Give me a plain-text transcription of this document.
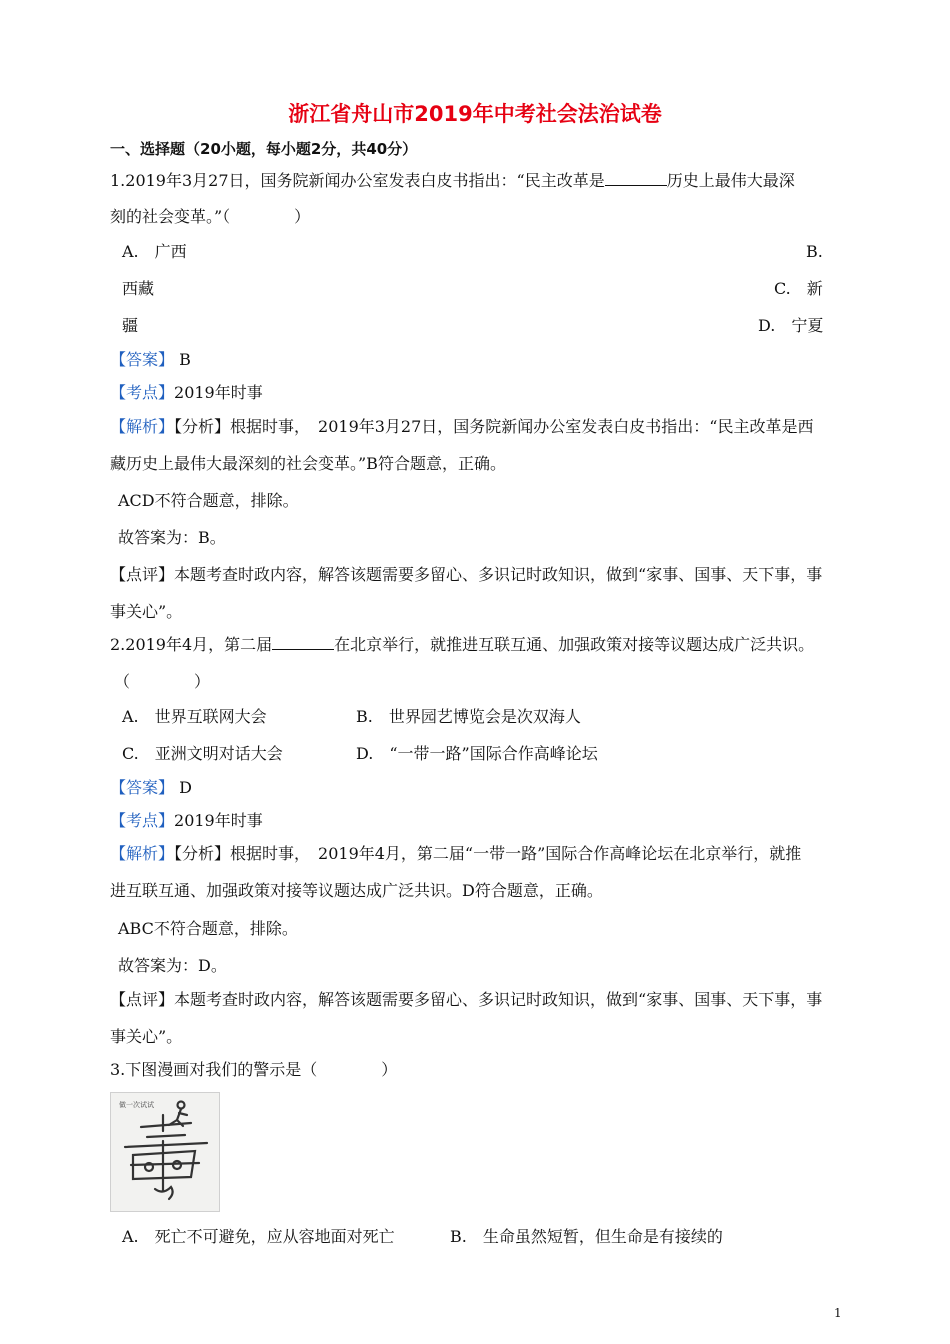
浙江省舟山市2019年中考社会法治试卷
一、选择题（20小题，每小题2分，共40分）
1.2019年3月27日，国务院新闻办公室发表白皮书指出：“民主改革是	历史上最伟大最深
刻的社会变革。”（　　　　）
A.　广西	B.
西藏	C.　新
疆	D.　宁夏
【答案】 B
【考点】2019年时事
【解析】【分析】根据时事，　2019年3月27日，国务院新闻办公室发表白皮书指出：“民主改革是西
藏历史上最伟大最深刻的社会变革。”B符合题意，正确。
ACD不符合题意，排除。
故答案为：B。
【点评】本题考查时政内容，解答该题需要多留心、多识记时政知识，做到“家事、国事、天下事，事
事关心”。
2.2019年4月，第二届	在北京举行，就推进互联互通、加强政策对接等议题达成广泛共识。
（　　　　）
A.　世界互联网大会	B.　世界园艺博览会是次双海人
C.　亚洲文明对话大会	D.　“一带一路”国际合作高峰论坛
【答案】 D
【考点】2019年时事
【解析】【分析】根据时事，　2019年4月，第二届“一带一路”国际合作高峰论坛在北京举行，就推
进互联互通、加强政策对接等议题达成广泛共识。D符合题意，正确。
ABC不符合题意，排除。
故答案为：D。
【点评】本题考查时政内容，解答该题需要多留心、多识记时政知识，做到“家事、国事、天下事，事
事关心”。
3.下图漫画对我们的警示是（　　　　）
做一次试试
A.　死亡不可避免，应从容地面对死亡	B.　生命虽然短暂，但生命是有接续的
1
